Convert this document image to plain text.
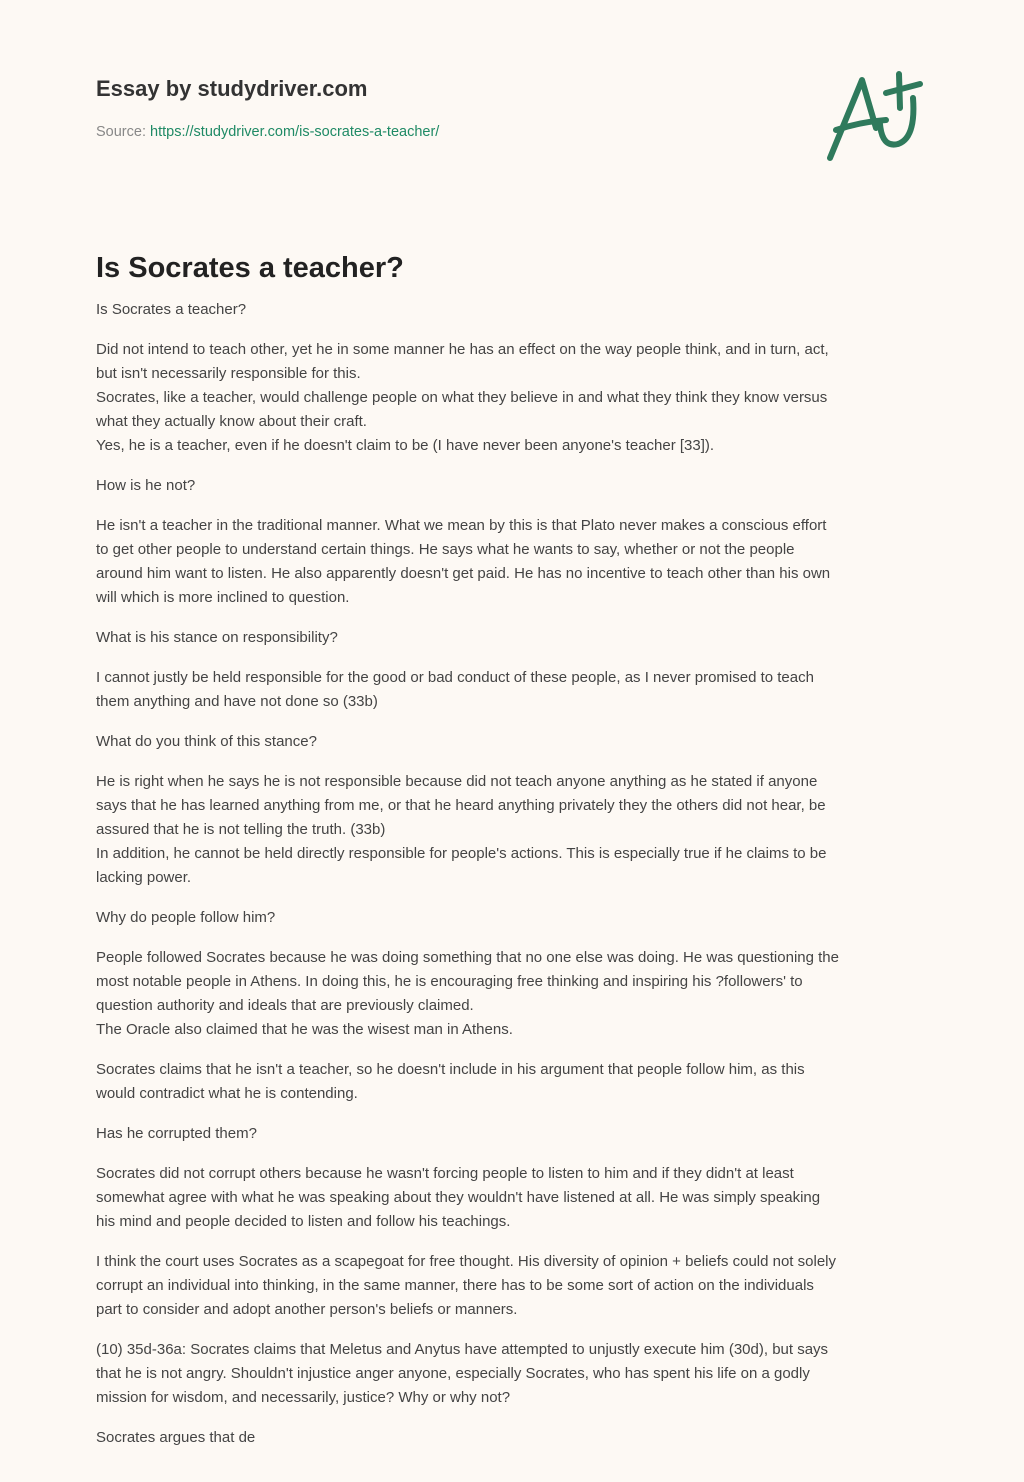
Essay by studydriver.com
Source: https://studydriver.com/is-socrates-a-teacher/
Is Socrates a teacher?

Is Socrates a teacher?

Did not intend to teach other, yet he in some manner he has an effect on the way people think, and in turn, act,
but isn't necessarily responsible for this.
Socrates, like a teacher, would challenge people on what they believe in and what they think they know versus
what they actually know about their craft.
Yes, he is a teacher, even if he doesn't claim to be (I have never been anyone's teacher [33]).

How is he not?

He isn't a teacher in the traditional manner. What we mean by this is that Plato never makes a conscious effort
to get other people to understand certain things. He says what he wants to say, whether or not the people
around him want to listen. He also apparently doesn't get paid. He has no incentive to teach other than his own
will which is more inclined to question.

What is his stance on responsibility?

I cannot justly be held responsible for the good or bad conduct of these people, as I never promised to teach
them anything and have not done so (33b)

What do you think of this stance?

He is right when he says he is not responsible because did not teach anyone anything as he stated if anyone
says that he has learned anything from me, or that he heard anything privately they the others did not hear, be
assured that he is not telling the truth. (33b)
In addition, he cannot be held directly responsible for people's actions. This is especially true if he claims to be
lacking power.

Why do people follow him?

People followed Socrates because he was doing something that no one else was doing. He was questioning the
most notable people in Athens. In doing this, he is encouraging free thinking and inspiring his ?followers' to
question authority and ideals that are previously claimed.
The Oracle also claimed that he was the wisest man in Athens.

Socrates claims that he isn't a teacher, so he doesn't include in his argument that people follow him, as this
would contradict what he is contending.

Has he corrupted them?

Socrates did not corrupt others because he wasn't forcing people to listen to him and if they didn't at least
somewhat agree with what he was speaking about they wouldn't have listened at all. He was simply speaking
his mind and people decided to listen and follow his teachings.

I think the court uses Socrates as a scapegoat for free thought. His diversity of opinion + beliefs could not solely
corrupt an individual into thinking, in the same manner, there has to be some sort of action on the individuals
part to consider and adopt another person's beliefs or manners.

(10) 35d-36a: Socrates claims that Meletus and Anytus have attempted to unjustly execute him (30d), but says
that he is not angry. Shouldn't injustice anger anyone, especially Socrates, who has spent his life on a godly
mission for wisdom, and necessarily, justice? Why or why not?

Socrates argues that de
